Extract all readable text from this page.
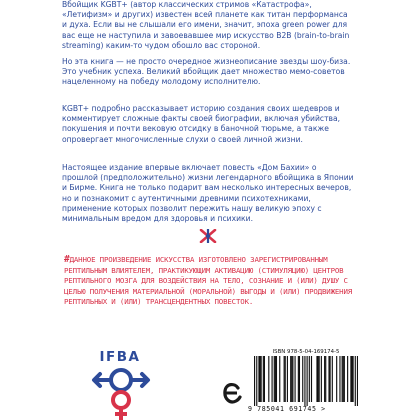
Вбойщик KGBT+ (автор классических стримов «Катастрофа», «Летифизм» и других) известен всей планете как титан перформанса и духа. Если вы не слышали его имени, значит, эпоха green power для вас еще не наступила и завоевавшее мир искусство B2B (brain-to-brain streaming) каким-то чудом обошло вас стороной.

Но эта книга — не просто очередное жизнеописание звезды шоу-биза. Это учебник успеха. Великий вбойщик дает множество мемо-советов нацеленному на победу молодому исполнителю.

KGBT+ подробно рассказывает историю создания своих шедевров и комментирует сложные факты своей биографии, включая убийства, покушения и почти вековую отсидку в баночной тюрьме, а также опровергает многочисленные слухи о своей личной жизни.

Настоящее издание впервые включает повесть «Дом Бахии» о прошлой (предположительно) жизни легендарного вбойщика в Японии и Бирме. Книга не только подарит вам несколько интересных вечеров, но и познакомит с аутентичными древними психотехниками, применение которых позволит пережить нашу великую эпоху с минимальным вредом для здоровья и психики.

#ДАННОЕ ПРОИЗВЕДЕНИЕ ИСКУССТВА ИЗГОТОВЛЕНО ЗАРЕГИСТРИРОВАННЫМ РЕПТИЛЬНЫМ ВЛИЯТЕЛЕМ, ПРАКТИКУЮЩИМ АКТИВАЦИЮ (СТИМУЛЯЦИЮ) ЦЕНТРОВ РЕПТИЛЬНОГО МОЗГА ДЛЯ ВОЗДЕЙСТВИЯ НА ТЕЛО, СОЗНАНИЕ И (ИЛИ) ДУШУ С ЦЕЛЬЮ ПОЛУЧЕНИЯ МАТЕРИАЛЬНОЙ (МОРАЛЬНОЙ) ВЫГОДЫ И (ИЛИ) ПРОДВИЖЕНИЯ РЕПТИЛЬНЫХ И (ИЛИ) ТРАНСЦЕНДЕНТНЫХ ПОВЕСТОК.

IFBA	ISBN 978-5-04-169174-5
9 785041 691745 >
